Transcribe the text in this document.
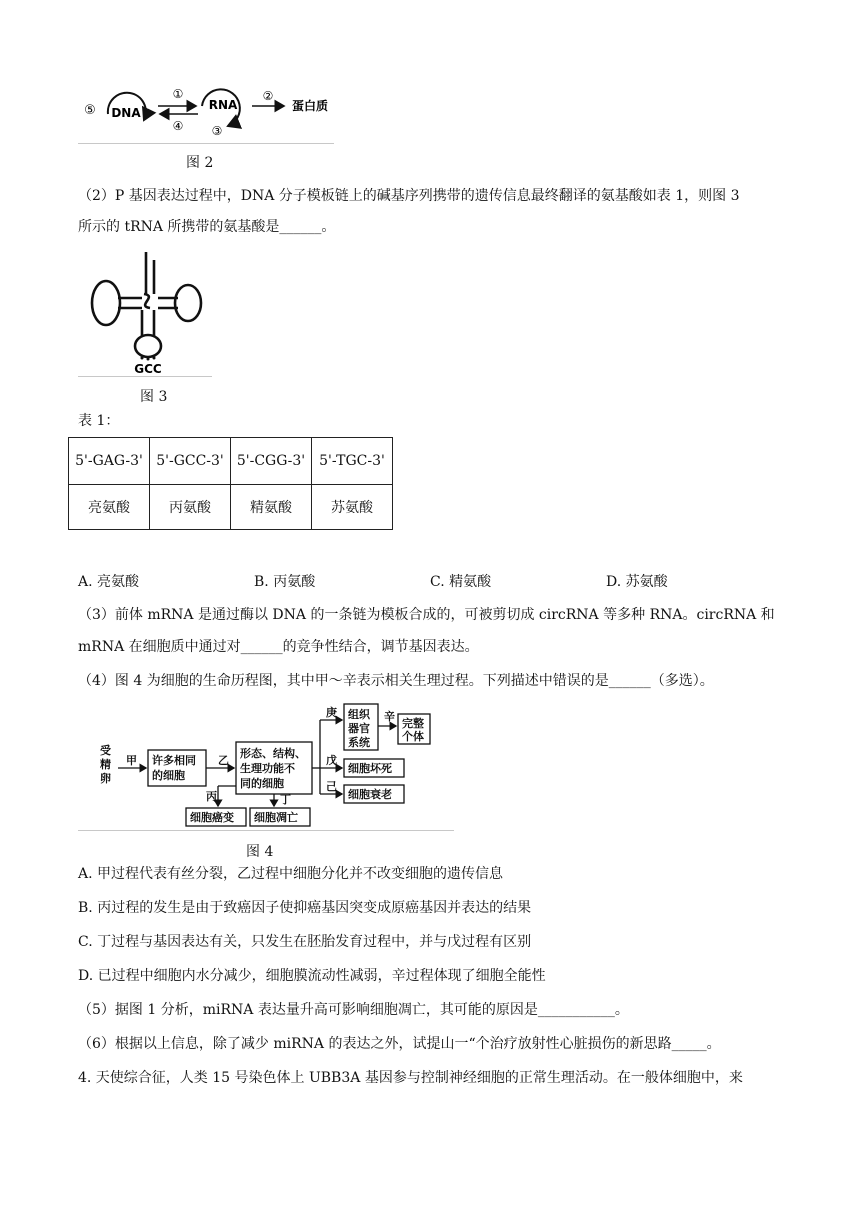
⑤ DNA
①
④
RNA
③
②
蛋白质
图 2
（2）P 基因表达过程中，DNA 分子模板链上的碱基序列携带的遗传信息最终翻译的氨基酸如表 1，则图 3
所示的 tRNA 所携带的氨基酸是______。
GCC
图 3
表 1：
5'-GAG-3'	5'-GCC-3'	5'-CGG-3'	5'-TGC-3'
亮氨酸	丙氨酸	精氨酸	苏氨酸
A. 亮氨酸	B. 丙氨酸	C. 精氨酸	D. 苏氨酸
（3）前体 mRNA 是通过酶以 DNA 的一条链为模板合成的，可被剪切成 circRNA 等多种 RNA。circRNA 和
mRNA 在细胞质中通过对______的竞争性结合，调节基因表达。
（4）图 4 为细胞的生命历程图，其中甲～辛表示相关生理过程。下列描述中错误的是______（多选）。
受精卵
甲 许多相同
的细胞
乙
形态、结构、
生理功能不
同的细胞
庚
戊
己
组织
器官
系统
辛
完整
个体
细胞坏死
细胞衰老
丙	丁
细胞癌变 细胞凋亡
图 4
A. 甲过程代表有丝分裂，乙过程中细胞分化并不改变细胞的遗传信息
B. 丙过程的发生是由于致癌因子使抑癌基因突变成原癌基因并表达的结果
C. 丁过程与基因表达有关，只发生在胚胎发育过程中，并与戊过程有区别
D. 已过程中细胞内水分减少，细胞膜流动性减弱，辛过程体现了细胞全能性
（5）据图 1 分析，miRNA 表达量升高可影响细胞凋亡，其可能的原因是___________。
（6）根据以上信息，除了减少 miRNA 的表达之外，试提山一“个治疗放射性心脏损伤的新思路_____。
4. 天使综合征，人类 15 号染色体上 UBB3A 基因参与控制神经细胞的正常生理活动。在一般体细胞中，来
